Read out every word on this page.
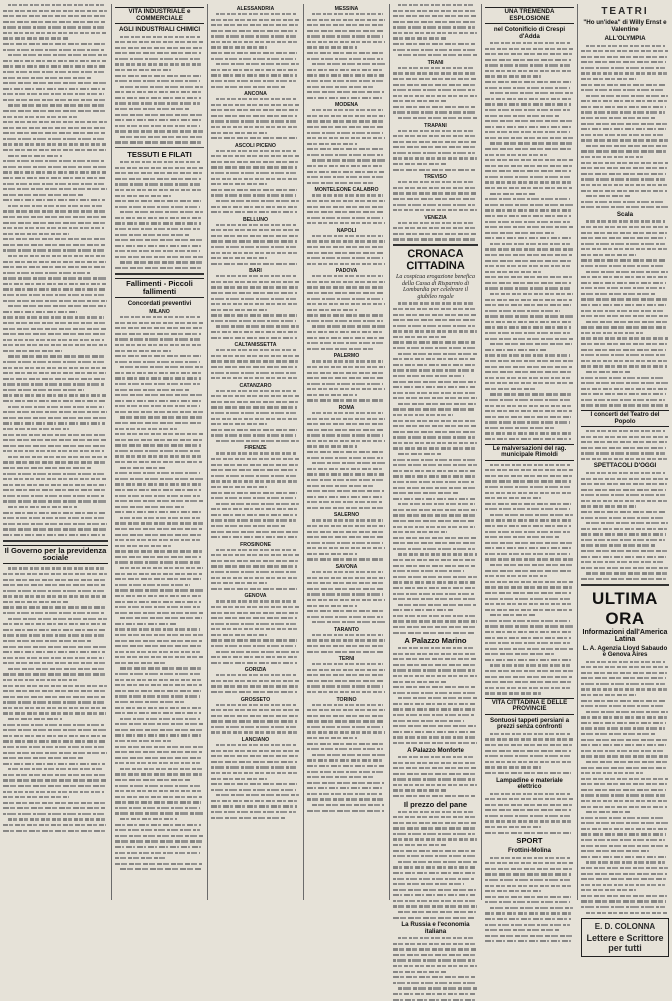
Il Governo per la previdenza sociale
VITA INDUSTRIALE e COMMERCIALE
AGLI INDUSTRIALI CHIMICI
TESSUTI E FILATI
Fallimenti - Piccoli fallimenti
Concordati preventivi
MILANO
ALESSANDRIA
ANCONA
ASCOLI PICENO
BELLUNO
BARI
CALTANISSETTA
CATANZARO
FIRENZE
FROSINONE
GENOVA
GORIZIA
GROSSETO
LANCIANO
MESSINA
MODENA
MONTELEONE CALABRO
NAPOLI
PADOVA
PALERMO
ROMA
SALERNO
SAVONA
TARANTO
TERNI
TORINO
TRANI
TRAPANI
TREVISO
VENEZIA
CRONACA CITTADINA
La cospicua erogazione benefica della Cassa di Risparmio di Lombardia per celebrare il giubileo regale
A Palazzo Marino
A Palazzo Monforte
Il prezzo del pane
La Russia e l'economia italiana
UNA TREMENDA ESPLOSIONE
nel Cotonificio di Crespi d'Adda
Le malversazioni del rag. municipale Rimoldi
VITA CITTADINA E DELLE PROVINCIE
Sontuosi tappeti persiani a prezzi senza confronti
Lampadine e materiale elettrico
SPORT
Frottini-Molina
TEATRI
"Ho un'idea" di Willy Ernst e Valentine
ALL'OLYMPIA
Scala
I concerti del Teatro del Popolo
SPETTACOLI D'OGGI
ULTIMA ORA
Informazioni dall'America Latina
L. A. Agenzia Lloyd Sabaudo e Genova Aires
E. D. COLONNA
Lettere e Scrittore per tutti
